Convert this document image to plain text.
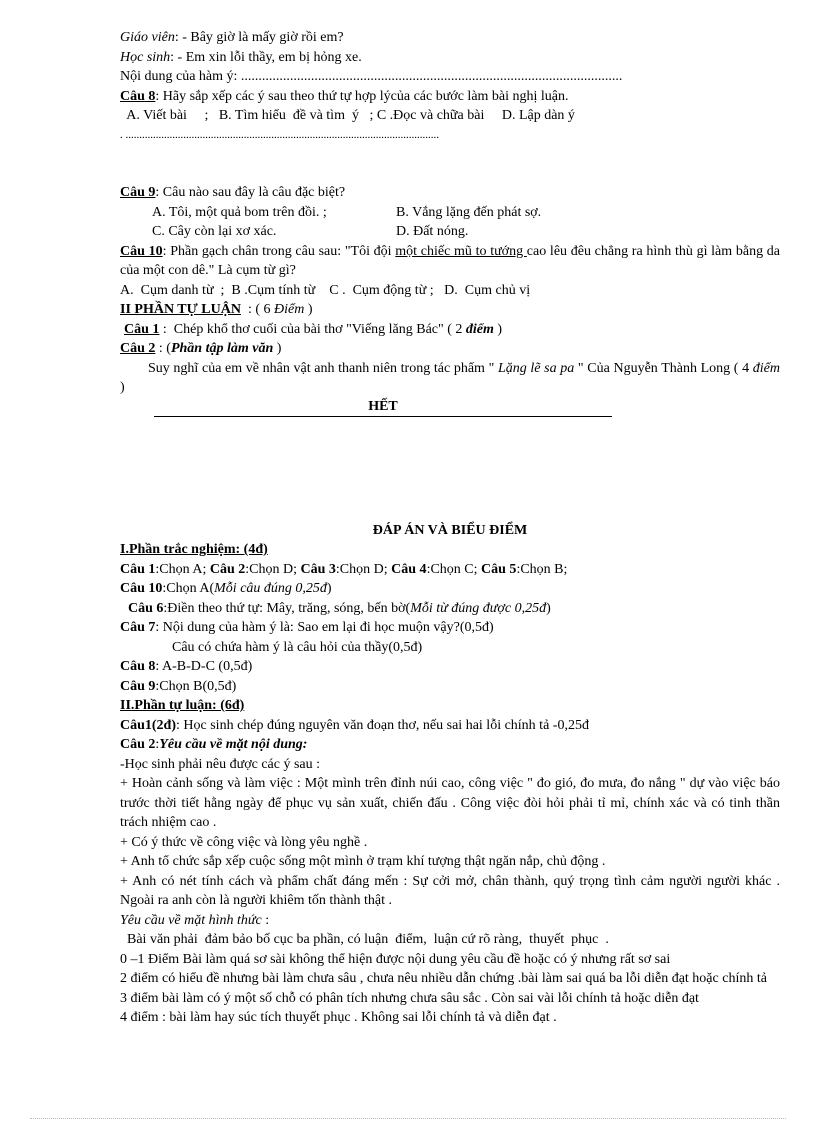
Giáo viên: - Bây giờ là mấy giờ rồi em?
Học sinh: - Em xin lỗi thầy, em bị hỏng xe.
Nội dung của hàm ý: .............................................................................................................
Câu 8: Hãy sắp xếp các ý sau theo thứ tự hợp lýcủa các bước làm bài nghị luận.
A. Viết bài     ;   B. Tìm hiểu  đề và tìm  ý   ; C .Đọc và chữa bài     D. Lập dàn ý
. ..................................................................................................................
Câu 9: Câu nào sau đây là câu đặc biệt?
A. Tôi, một quả bom trên đồi. ;	B. Vắng lặng đến phát sợ.
C. Cây còn lại xơ xác.	D. Đất nóng.
Câu 10: Phần gạch chân trong câu sau: "Tôi đội một chiếc mũ to tướng cao lêu đêu chẳng ra hình thù gì làm bằng da của một con dê." Là cụm từ gì?
A.  Cụm danh từ  ;  B .Cụm tính từ    C .  Cụm động từ ;   D.  Cụm chủ vị
II PHẦN TỰ LUẬN  : ( 6 Điểm )
Câu 1 :  Chép khổ thơ cuối của bài thơ "Viếng lăng Bác" ( 2 điểm )
Câu 2 : (Phần tập làm văn )
Suy nghĩ của em về nhân vật anh thanh niên trong tác phẩm " Lặng lẽ sa pa " Của Nguyễn Thành Long ( 4 điểm )
HẾT
ĐÁP ÁN VÀ BIỂU ĐIỂM
I.Phần trắc nghiệm: (4đ)
Câu 1:Chọn A; Câu 2:Chọn D; Câu 3:Chọn D; Câu 4:Chọn C; Câu 5:Chọn B;
Câu 10:Chọn A(Mỗi câu đúng 0,25đ)
Câu 6:Điền theo thứ tự: Mây, trăng, sóng, bến bờ(Mỗi từ đúng được 0,25đ)
Câu 7: Nội dung của hàm ý là: Sao em lại đi học muộn vậy?(0,5đ)
Câu có chứa hàm ý là câu hỏi của thầy(0,5đ)
Câu 8: A-B-D-C (0,5đ)
Câu 9:Chọn B(0,5đ)
II.Phần tự luận: (6đ)
Câu1(2đ): Học sinh chép đúng nguyên văn đoạn thơ, nếu sai hai lỗi chính tả -0,25đ
Câu 2:Yêu cầu về mặt nội dung:
-Học sinh phải nêu được các ý sau :
+ Hoàn cảnh sống và làm việc : Một mình trên đỉnh núi cao, công việc " đo gió, đo mưa, đo nắng " dự vào việc báo trước thời tiết hằng ngày để phục vụ sản xuất, chiến đấu . Công việc đòi hỏi phải tỉ mỉ, chính xác và có tinh thần trách nhiệm cao .
+ Có ý thức về công việc và lòng yêu nghề .
+ Anh tổ chức sắp xếp cuộc sống một mình ở trạm khí tượng thật ngăn nắp, chủ động .
+ Anh có nét tính cách và phẩm chất đáng mến : Sự cởi mở, chân thành, quý trọng tình cảm người người khác . Ngoài ra anh còn là người khiêm tốn thành thật .
Yêu cầu về mặt hình thức :
Bài văn phải  đảm bảo bố cục ba phần, có luận  điểm,  luận cứ rõ ràng,  thuyết  phục  .
0 –1 Điểm Bài làm quá sơ sài không thể hiện được nội dung yêu cầu đề hoặc có ý nhưng rất sơ sai
2 điểm có hiểu đề nhưng bài làm chưa sâu , chưa nêu nhiều dẫn chứng .bài làm sai quá ba lỗi diễn đạt hoặc chính tả
3 điểm bài làm có ý một số chỗ có phân tích nhưng chưa sâu sắc . Còn sai vài lỗi chính tả hoặc diễn đạt
4 điểm : bài làm hay súc tích thuyết phục . Không sai lỗi chính tả và diễn đạt .
